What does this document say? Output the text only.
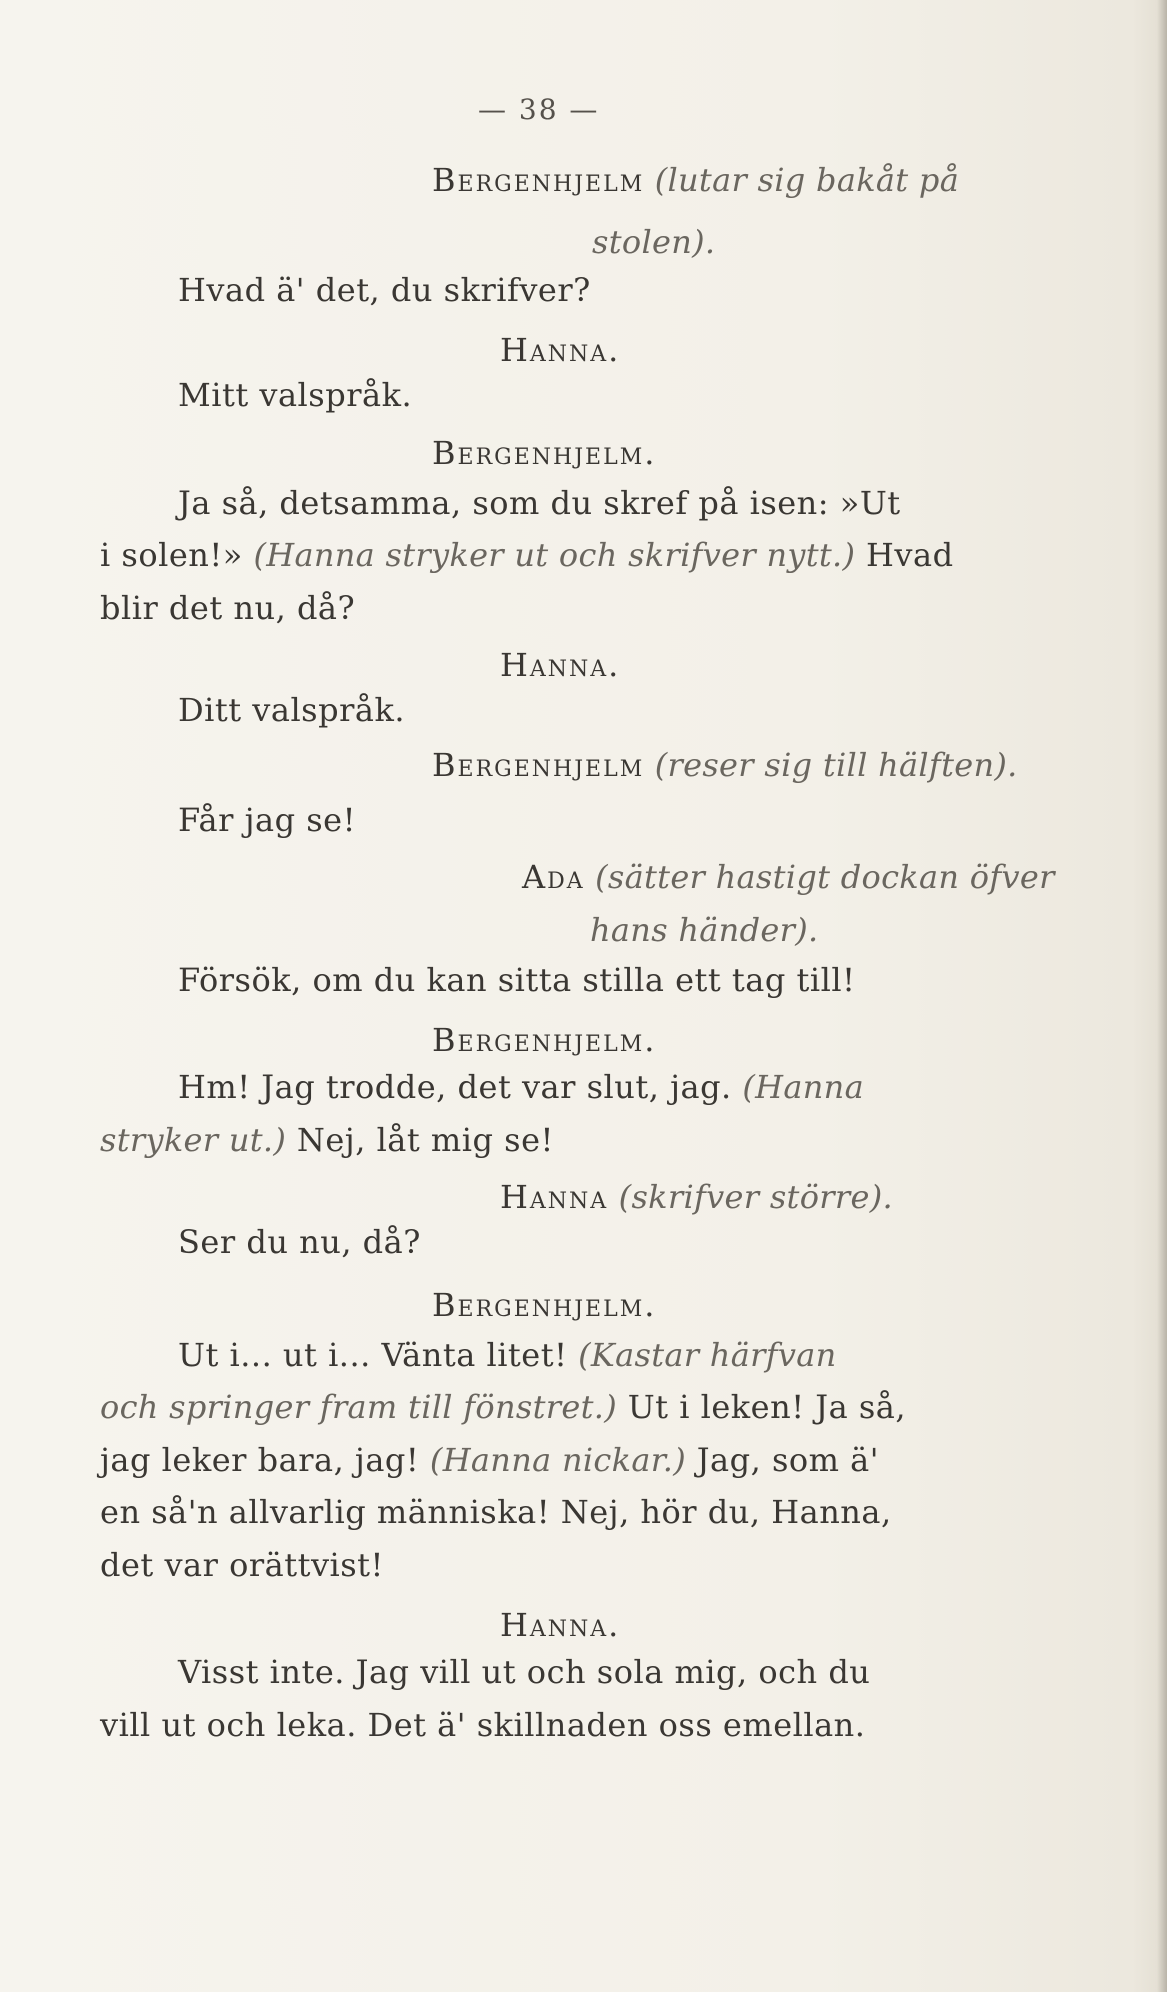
— 38 —
Bergenhjelm (lutar sig bakåt på
stolen).
Hvad ä' det, du skrifver?
Hanna.
Mitt valspråk.
Bergenhjelm.
Ja så, detsamma, som du skref på isen: »Ut
i solen!» (Hanna stryker ut och skrifver nytt.) Hvad
blir det nu, då?
Hanna.
Ditt valspråk.
Bergenhjelm (reser sig till hälften).
Får jag se!
Ada (sätter hastigt dockan öfver
hans händer).
Försök, om du kan sitta stilla ett tag till!
Bergenhjelm.
Hm! Jag trodde, det var slut, jag. (Hanna
stryker ut.) Nej, låt mig se!
Hanna (skrifver större).
Ser du nu, då?
Bergenhjelm.
Ut i... ut i... Vänta litet! (Kastar härfvan
och springer fram till fönstret.) Ut i leken! Ja så,
jag leker bara, jag! (Hanna nickar.) Jag, som ä'
en så'n allvarlig människa! Nej, hör du, Hanna,
det var orättvist!
Hanna.
Visst inte. Jag vill ut och sola mig, och du
vill ut och leka. Det ä' skillnaden oss emellan.
